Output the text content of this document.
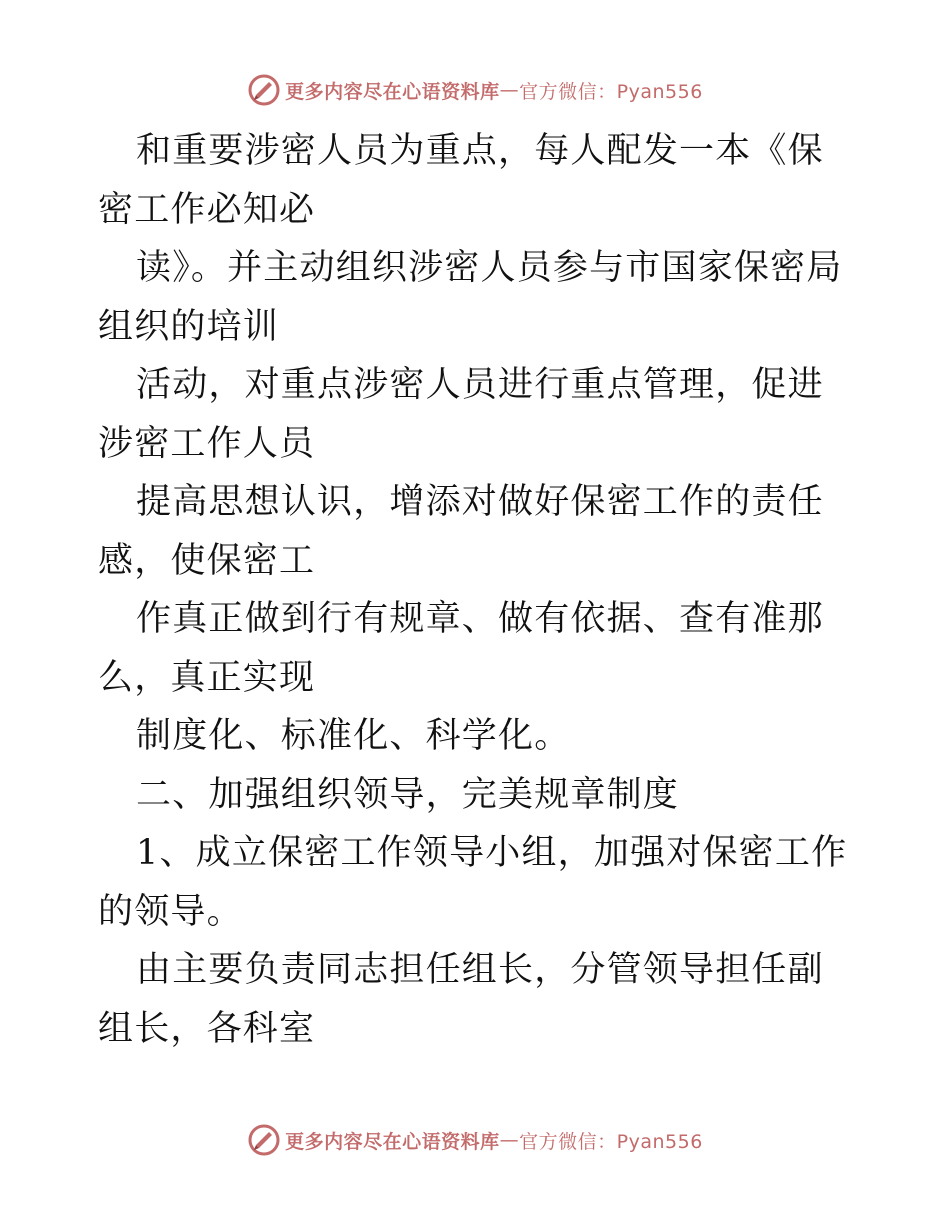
更多内容尽在心语资料库 — 官方微信：Pyan556

和重要涉密人员为重点，每人配发一本《保密工作必知必

读》。并主动组织涉密人员参与市国家保密局组织的培训

活动，对重点涉密人员进行重点管理，促进涉密工作人员

提高思想认识，增添对做好保密工作的责任感，使保密工

作真正做到行有规章、做有依据、查有准那么，真正实现

制度化、标准化、科学化。

二、加强组织领导，完美规章制度

1、成立保密工作领导小组，加强对保密工作的领导。

由主要负责同志担任组长，分管领导担任副组长，各科室

更多内容尽在心语资料库 — 官方微信：Pyan556
